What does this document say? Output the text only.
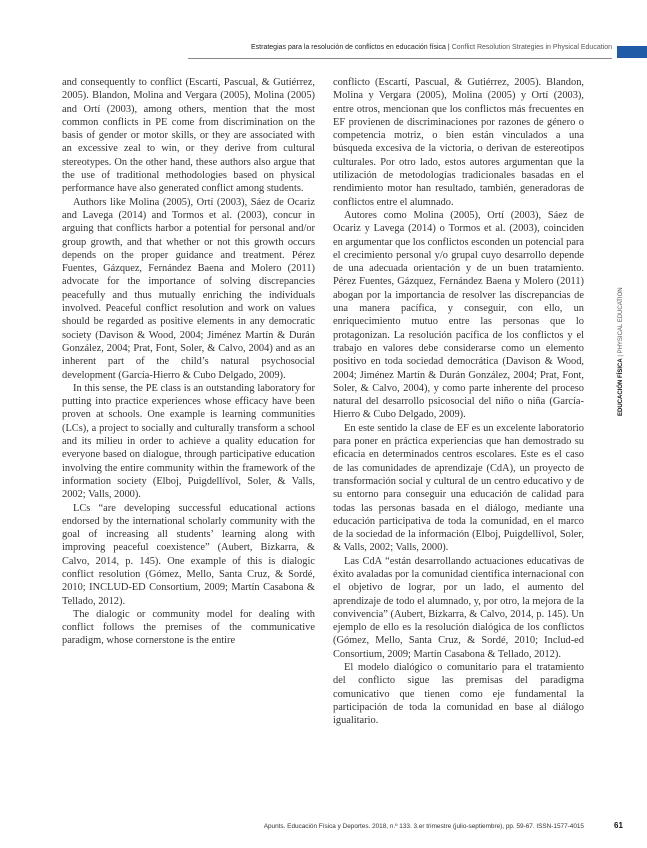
Estrategias para la resolución de conflictos en educación física | Conflict Resolution Strategies in Physical Education
EDUCACIÓN FÍSICA | PHYSICAL EDUCATION

and consequently to conflict (Escartí, Pascual, & Gutiérrez, 2005). Blandon, Molina and Vergara (2005), Molina (2005) and Ortí (2003), among others, mention that the most common conflicts in PE come from discrimination on the basis of gender or motor skills, or they are associated with an excessive zeal to win, or they derive from cultural stereotypes. On the other hand, these authors also argue that the use of traditional methodologies based on physical performance have also generated conflict among students.

Authors like Molina (2005), Ortí (2003), Sáez de Ocariz and Lavega (2014) and Tormos et al. (2003), concur in arguing that conflicts harbor a potential for personal and/or group growth, and that whether or not this growth occurs depends on the proper guidance and treatment. Pérez Fuentes, Gázquez, Fernández Baena and Molero (2011) advocate for the importance of solving discrepancies peacefully and thus mutually enriching the individuals involved. Peaceful conflict resolution and work on values should be regarded as positive elements in any democratic society (Davison & Wood, 2004; Jiménez Martín & Durán González, 2004; Prat, Font, Soler, & Calvo, 2004) and as an inherent part of the child’s natural psychosocial development (García-Hierro & Cubo Delgado, 2009).

In this sense, the PE class is an outstanding laboratory for putting into practice experiences whose efficacy have been proven at schools. One example is learning communities (LCs), a project to socially and culturally transform a school and its milieu in order to achieve a quality education for everyone based on dialogue, through participative education involving the entire community within the framework of the information society (Elboj, Puigdellívol, Soler, & Valls, 2002; Valls, 2000).

LCs “are developing successful educational actions endorsed by the international scholarly community with the goal of increasing all students’ learning along with improving peaceful coexistence” (Aubert, Bizkarra, & Calvo, 2014, p. 145). One example of this is dialogic conflict resolution (Gómez, Mello, Santa Cruz, & Sordé, 2010; INCLUD-ED Consortium, 2009; Martín Casabona & Tellado, 2012).

The dialogic or community model for dealing with conflict follows the premises of the communicative paradigm, whose cornerstone is the entire

conflicto (Escartí, Pascual, & Gutiérrez, 2005). Blandon, Molina y Vergara (2005), Molina (2005) y Ortí (2003), entre otros, mencionan que los conflictos más frecuentes en EF provienen de discriminaciones por razones de género o competencia motriz, o bien están vinculados a una búsqueda excesiva de la victoria, o derivan de estereotipos culturales. Por otro lado, estos autores argumentan que la utilización de metodologías tradicionales basadas en el rendimiento motor han resultado, también, generadoras de conflictos entre el alumnado.

Autores como Molina (2005), Ortí (2003), Sáez de Ocariz y Lavega (2014) o Tormos et al. (2003), coinciden en argumentar que los conflictos esconden un potencial para el crecimiento personal y/o grupal cuyo desarrollo depende de una adecuada orientación y de un buen tratamiento. Pérez Fuentes, Gázquez, Fernández Baena y Molero (2011) abogan por la importancia de resolver las discrepancias de una manera pacífica, y conseguir, con ello, un enriquecimiento mutuo entre las personas que lo protagonizan. La resolución pacífica de los conflictos y el trabajo en valores debe considerarse como un elemento positivo en toda sociedad democrática (Davison & Wood, 2004; Jiménez Martín & Durán González, 2004; Prat, Font, Soler, & Calvo, 2004), y como parte inherente del proceso natural del desarrollo psicosocial del niño o niña (García-Hierro & Cubo Delgado, 2009).

En este sentido la clase de EF es un excelente laboratorio para poner en práctica experiencias que han demostrado su eficacia en determinados centros escolares. Este es el caso de las comunidades de aprendizaje (CdA), un proyecto de transformación social y cultural de un centro educativo y de su entorno para conseguir una educación de calidad para todas las personas basada en el diálogo, mediante una educación participativa de toda la comunidad, en el marco de la sociedad de la información (Elboj, Puigdellívol, Soler, & Valls, 2002; Valls, 2000).

Las CdA “están desarrollando actuaciones educativas de éxito avaladas por la comunidad científica internacional con el objetivo de lograr, por un lado, el aumento del aprendizaje de todo el alumnado, y, por otro, la mejora de la convivencia” (Aubert, Bizkarra, & Calvo, 2014, p. 145). Un ejemplo de ello es la resolución dialógica de los conflictos (Gómez, Mello, Santa Cruz, & Sordé, 2010; Includ-ed Consortium, 2009; Martín Casabona & Tellado, 2012).

El modelo dialógico o comunitario para el tratamiento del conflicto sigue las premisas del paradigma comunicativo que tienen como eje fundamental la participación de toda la comunidad en base al diálogo igualitario.

Apunts. Educación Física y Deportes. 2018, n.º 133. 3.er trimestre (julio-septiembre), pp. 59-67. ISSN-1577-4015	61
